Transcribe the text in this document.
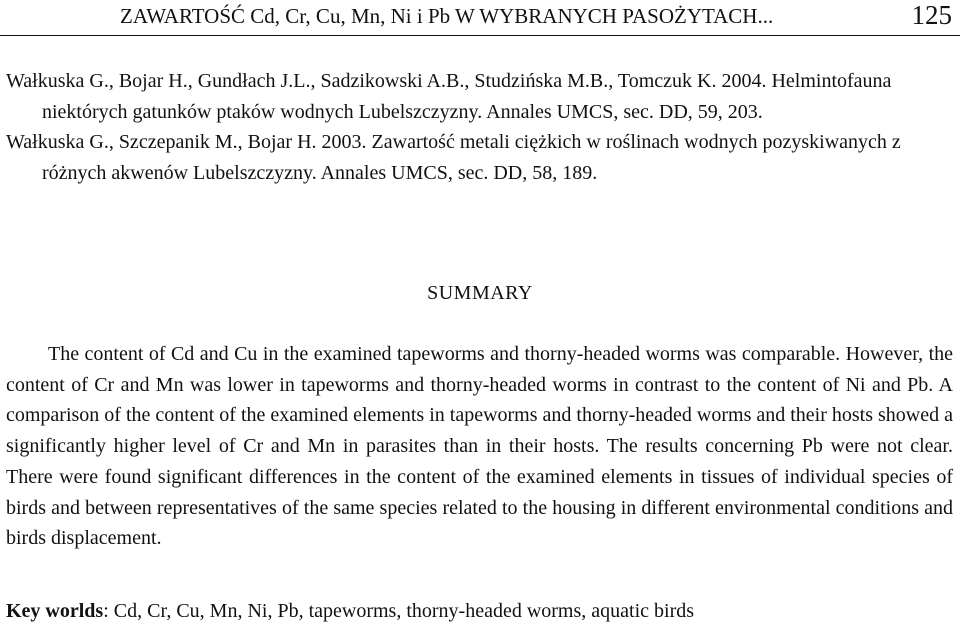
ZAWARTOŚĆ Cd, Cr, Cu, Mn, Ni i Pb W WYBRANYCH PASOŻYTACH...	125

Wałkuska G., Bojar H., Gundłach J.L., Sadzikowski A.B., Studzińska M.B., Tomczuk K. 2004. Helmintofauna niektórych gatunków ptaków wodnych Lubelszczyzny. Annales UMCS, sec. DD, 59, 203.

Wałkuska G., Szczepanik M., Bojar H. 2003. Zawartość metali ciężkich w roślinach wodnych pozyskiwanych z różnych akwenów Lubelszczyzny. Annales UMCS, sec. DD, 58, 189.

SUMMARY

The content of Cd and Cu in the examined tapeworms and thorny-headed worms was comparable. However, the content of Cr and Mn was lower in tapeworms and thorny-headed worms in contrast to the content of Ni and Pb. A comparison of the content of the examined elements in tapeworms and thorny-headed worms and their hosts showed a significantly higher level of Cr and Mn in parasites than in their hosts. The results concerning Pb were not clear. There were found significant differences in the content of the examined elements in tissues of individual species of birds and between representatives of the same species related to the housing in different environmental conditions and birds displacement.

Key worlds: Cd, Cr, Cu, Mn, Ni, Pb, tapeworms, thorny-headed worms, aquatic birds
